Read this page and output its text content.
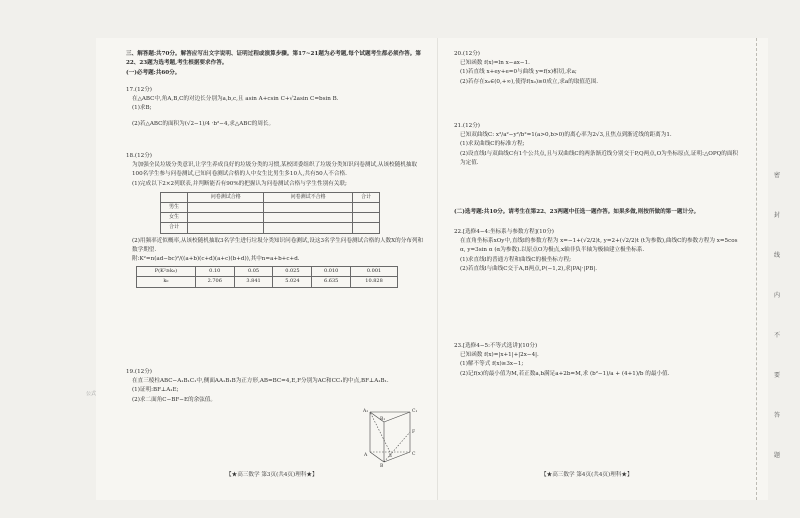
三、解答题:共70分。解答应写出文字说明、证明过程或演算步骤。第17~21题为必考题,每个试题考生都必须作答。第22、23题为选考题,考生根据要求作答。
(一)必考题:共60分。
17.(12分)
在△ABC中,角A,B,C的对边长分别为a,b,c,且 asin A+csin C+√2asin C=bsin B.
(1)求B;
(2)若△ABC的面积为(√2−1)/4 ·b²−4,求△ABC的周长。
18.(12分)
为加强全民垃圾分类意识,让学生养成良好的垃圾分类的习惯,某校团委组织了垃圾分类知识问卷测试,从该校随机抽取100名学生参与问卷测试,已知问卷测试合格的人中女生比男生多10人,共有50人不合格.
(1)完成以下2×2列联表,并判断能否有90%的把握认为问卷测试合格与学生性别有关联;
	问卷测试合格	问卷测试不合格	合计
男生			
女生			
合计			
(2)用频率近似概率,从该校随机抽取3名学生进行垃圾分类知识问卷测试,设这3名学生问卷测试合格的人数X的分布列和数学期望.
附:K²=n(ad−bc)²/((a+b)(c+d)(a+c)(b+d)),其中n=a+b+c+d.
P(K²≥k₀)	0.10	0.05	0.025	0.010	0.001
k₀	2.706	3.841	5.024	6.635	10.828
19.(12分)
在直三棱柱ABC−A₁B₁C₁中,侧面AA₁B₁B为正方形,AB=BC=4,E,F分别为AC和CC₁的中点,BF⊥A₁B₁.
(1)证明:BF⊥A₁E;
(2)求二面角C−BF−E的余弦值。
A₁
B₁
C₁
A
B
C
E
F
【★高三数学 第3页(共4页)理科★】
20.(12分)
已知函数 f(x)=ln x−ax−1.
(1)若直线 x+ey+e=0与曲线 y=f(x)相切,求a;
(2)若存在x₀∈(0,+∞),使得f(x₀)≥0成立,求a的取值范围.
21.(12分)
已知双曲线C: x²/a²−y²/b²=1(a>0,b>0)的离心率为2√3,且焦点到渐近线的距离为1.
(1)求双曲线C的标准方程;
(2)设直线l与双曲线C有1个公共点,且与双曲线C的两条渐近线分别交于P,Q两点,O为坐标原点,证明:△OPQ的面积为定值.
(二)选考题:共10分。请考生在第22、23两题中任选一题作答。如果多做,则按所做的第一题计分。
22.[选修4−4:坐标系与参数方程](10分)
在直角坐标系xOy中,直线l的参数方程为 x=−1+(√2/2)t, y=2+(√2/2)t (t为参数),曲线C的参数方程为 x=5cos α, y=3sin α (α为参数).以原点O为极点,x轴非负半轴为极轴建立极坐标系.
(1)求直线l的普通方程和曲线C的极坐标方程;
(2)若直线l与曲线C交于A,B两点,P(−1,2),求|PA|·|PB|.
23.[选修4−5:不等式选讲](10分)
已知函数 f(x)=|x+1|+|2x−4|.
(1)解不等式 f(x)≥3x−1;
(2)记f(x)的最小值为M,若正数a,b满足a+2b=M,求 (b²−1)/a + (4+1)/b 的最小值.
【★高三数学 第4页(共4页)理科★】
公式
密
封
线
内
不
要
答
题
